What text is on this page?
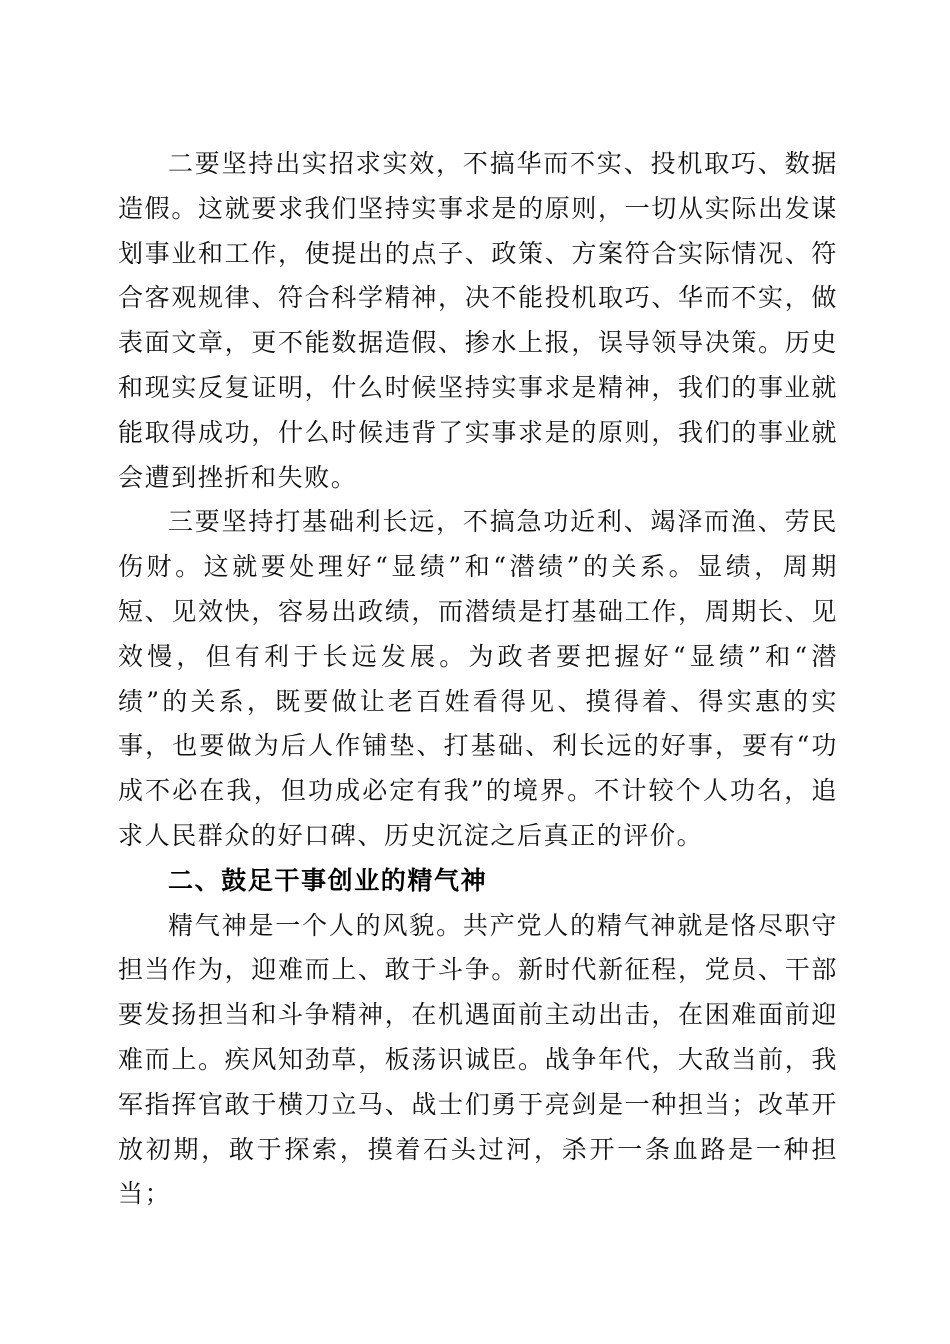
二要坚持出实招求实效，不搞华而不实、投机取巧、数据造假。这就要求我们坚持实事求是的原则，一切从实际出发谋划事业和工作，使提出的点子、政策、方案符合实际情况、符合客观规律、符合科学精神，决不能投机取巧、华而不实，做表面文章，更不能数据造假、掺水上报，误导领导决策。历史和现实反复证明，什么时候坚持实事求是精神，我们的事业就能取得成功，什么时候违背了实事求是的原则，我们的事业就会遭到挫折和失败。

三要坚持打基础利长远，不搞急功近利、竭泽而渔、劳民伤财。这就要处理好“显绩”和“潜绩”的关系。显绩，周期短、见效快，容易出政绩，而潜绩是打基础工作，周期长、见效慢，但有利于长远发展。为政者要把握好“显绩”和“潜绩”的关系，既要做让老百姓看得见、摸得着、得实惠的实事，也要做为后人作铺垫、打基础、利长远的好事，要有“功成不必在我，但功成必定有我”的境界。不计较个人功名，追求人民群众的好口碑、历史沉淀之后真正的评价。

二、鼓足干事创业的精气神

精气神是一个人的风貌。共产党人的精气神就是恪尽职守担当作为，迎难而上、敢于斗争。新时代新征程，党员、干部要发扬担当和斗争精神，在机遇面前主动出击，在困难面前迎难而上。疾风知劲草，板荡识诚臣。战争年代，大敌当前，我军指挥官敢于横刀立马、战士们勇于亮剑是一种担当；改革开放初期，敢于探索，摸着石头过河，杀开一条血路是一种担当；
